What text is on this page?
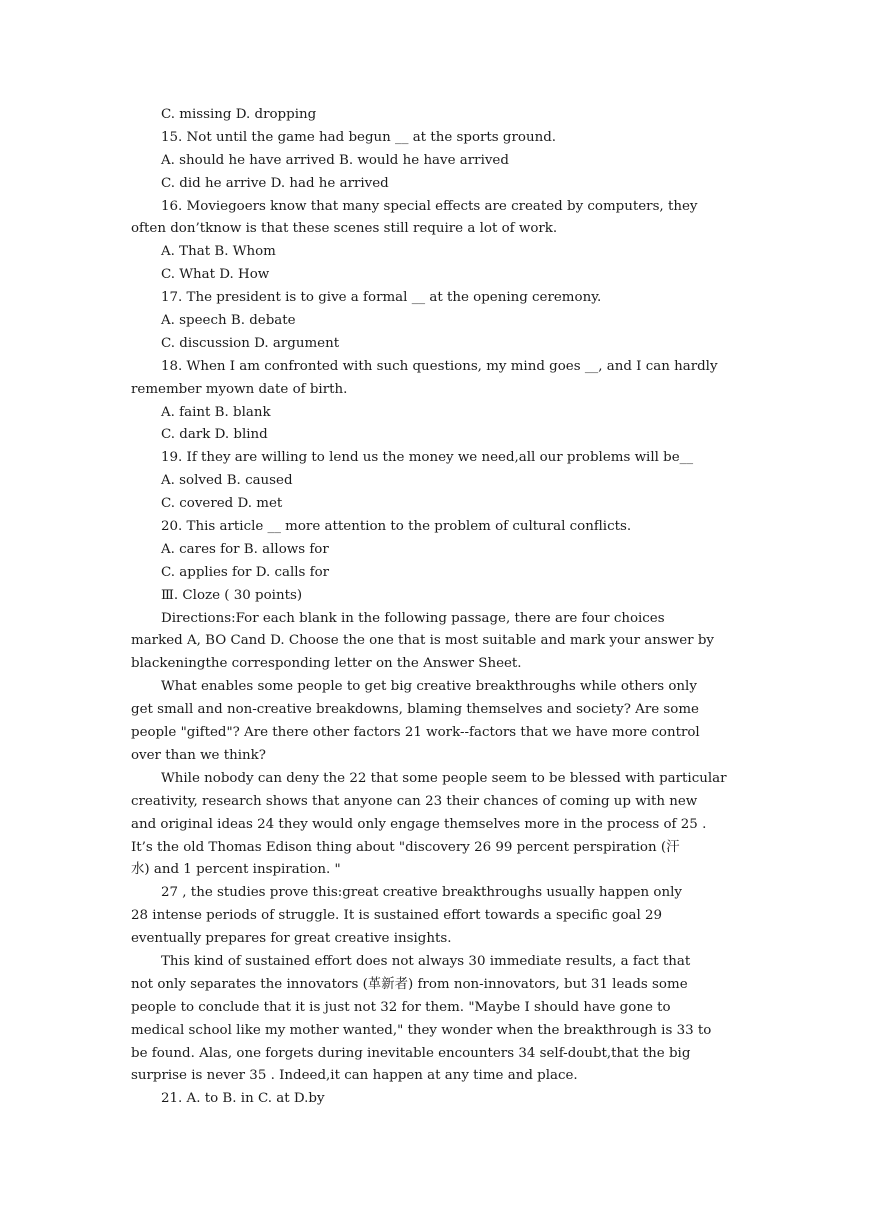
C. missing D. dropping
15. Not until the game had begun __ at the sports ground.
A. should he have arrived B. would he have arrived
C. did he arrive D. had he arrived
16. Moviegoers know that many special effects are created by computers, they
often don’tknow is that these scenes still require a lot of work.
A. That B. Whom
C. What D. How
17. The president is to give a formal __ at the opening ceremony.
A. speech B. debate
C. discussion D. argument
18. When I am confronted with such questions, my mind goes __, and I can hardly
remember myown date of birth.
A. faint B. blank
C. dark D. blind
19. If they are willing to lend us the money we need,all our problems will be__
A. solved B. caused
C. covered D. met
20. This article __ more attention to the problem of cultural conflicts.
A. cares for B. allows for
C. applies for D. calls for
Ⅲ. Cloze ( 30 points)
Directions:For each blank in the following passage, there are four choices
marked A, BO Cand D. Choose the one that is most suitable and mark your answer by
blackeningthe corresponding letter on the Answer Sheet.
What enables some people to get big creative breakthroughs while others only
get small and non-creative breakdowns, blaming themselves and society? Are some
people "gifted"? Are there other factors 21 work--factors that we have more control
over than we think?
While nobody can deny the 22 that some people seem to be blessed with particular
creativity, research shows that anyone can 23 their chances of coming up with new
and original ideas 24 they would only engage themselves more in the process of 25 .
It’s the old Thomas Edison thing about "discovery 26 99 percent perspiration (汗
水) and 1 percent inspiration. "
27 , the studies prove this:great creative breakthroughs usually happen only
28 intense periods of struggle. It is sustained effort towards a specific goal 29
eventually prepares for great creative insights.
This kind of sustained effort does not always 30 immediate results, a fact that
not only separates the innovators (革新者) from non-innovators, but 31 leads some
people to conclude that it is just not 32 for them. "Maybe I should have gone to
medical school like my mother wanted," they wonder when the breakthrough is 33 to
be found. Alas, one forgets during inevitable encounters 34 self-doubt,that the big
surprise is never 35 . Indeed,it can happen at any time and place.
21. A. to B. in C. at D.by
